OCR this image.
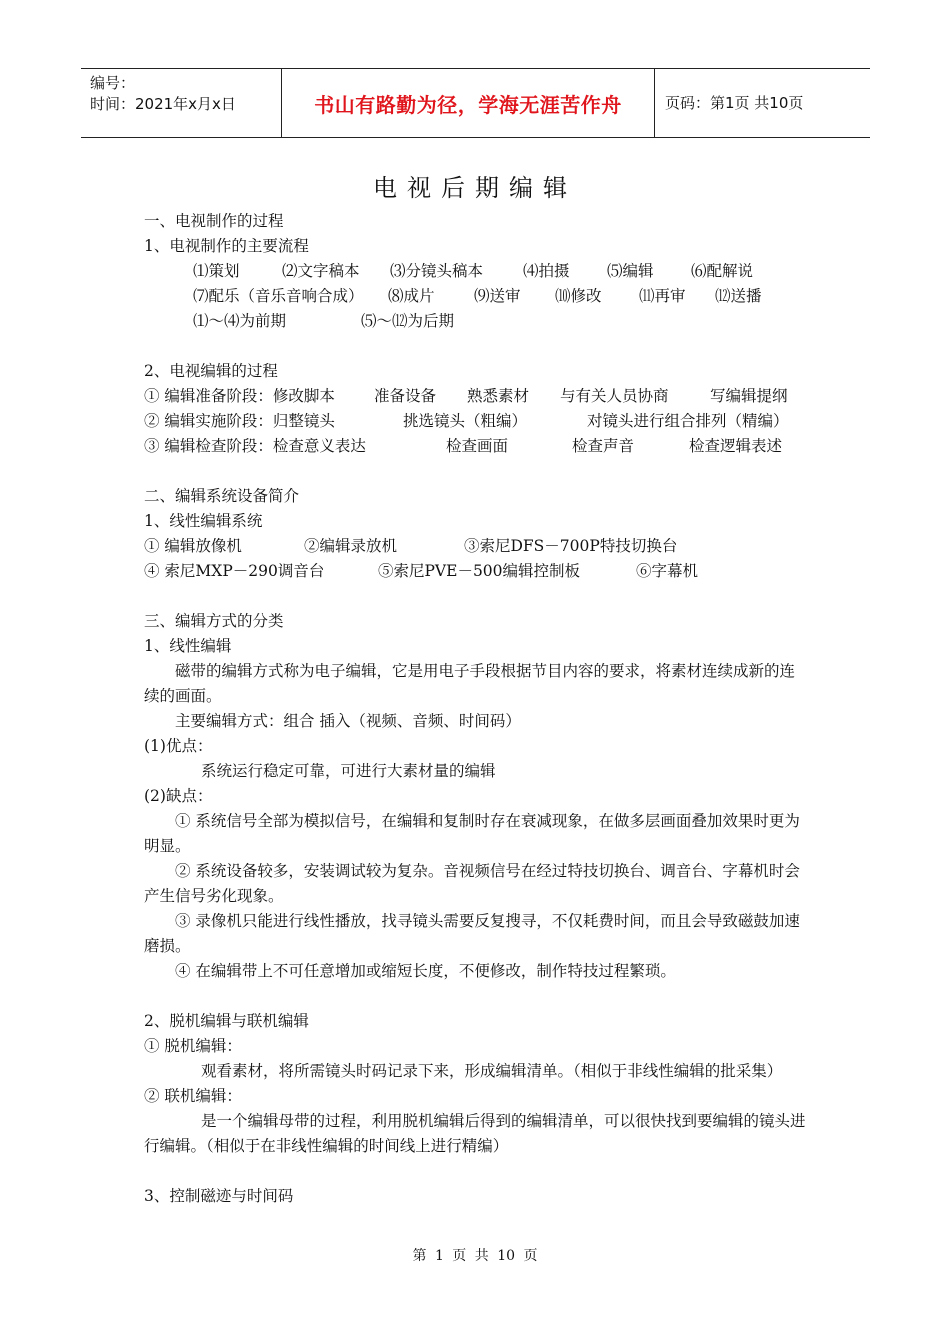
编号：
时间：2021年x月x日	书山有路勤为径，学海无涯苦作舟	页码：第1页 共10页
电视后期编辑

一、电视制作的过程

1、电视制作的主要流程

⑴策划	⑵文字稿本	⑶分镜头稿本	⑷拍摄	⑸编辑	⑹配解说
⑺配乐（音乐音响合成）	⑻成片	⑼送审	⑽修改	⑾再审	⑿送播
⑴～⑷为前期	⑸～⑿为后期

2、电视编辑的过程

① 编辑准备阶段：修改脚本	准备设备	熟悉素材	与有关人员协商	写编辑提纲
② 编辑实施阶段：归整镜头	挑选镜头（粗编）	对镜头进行组合排列（精编）
③ 编辑检查阶段：检查意义表达	检查画面	检查声音	检查逻辑表述

二、编辑系统设备简介

1、线性编辑系统

① 编辑放像机	②编辑录放机	③索尼DFS－700P特技切换台
④ 索尼MXP－290调音台	⑤索尼PVE－500编辑控制板	⑥字幕机

三、编辑方式的分类

1、线性编辑

磁带的编辑方式称为电子编辑，它是用电子手段根据节目内容的要求，将素材连续成新的连续的画面。

主要编辑方式：组合 插入（视频、音频、时间码）

(1)优点：

系统运行稳定可靠，可进行大素材量的编辑

(2)缺点：

① 系统信号全部为模拟信号，在编辑和复制时存在衰减现象，在做多层画面叠加效果时更为明显。

② 系统设备较多，安装调试较为复杂。音视频信号在经过特技切换台、调音台、字幕机时会产生信号劣化现象。

③ 录像机只能进行线性播放，找寻镜头需要反复搜寻，不仅耗费时间，而且会导致磁鼓加速磨损。

④ 在编辑带上不可任意增加或缩短长度，不便修改，制作特技过程繁琐。

2、脱机编辑与联机编辑

① 脱机编辑：

观看素材，将所需镜头时码记录下来，形成编辑清单。（相似于非线性编辑的批采集）

② 联机编辑：

是一个编辑母带的过程，利用脱机编辑后得到的编辑清单，可以很快找到要编辑的镜头进行编辑。（相似于在非线性编辑的时间线上进行精编）

3、控制磁迹与时间码

第 1 页 共 10 页
